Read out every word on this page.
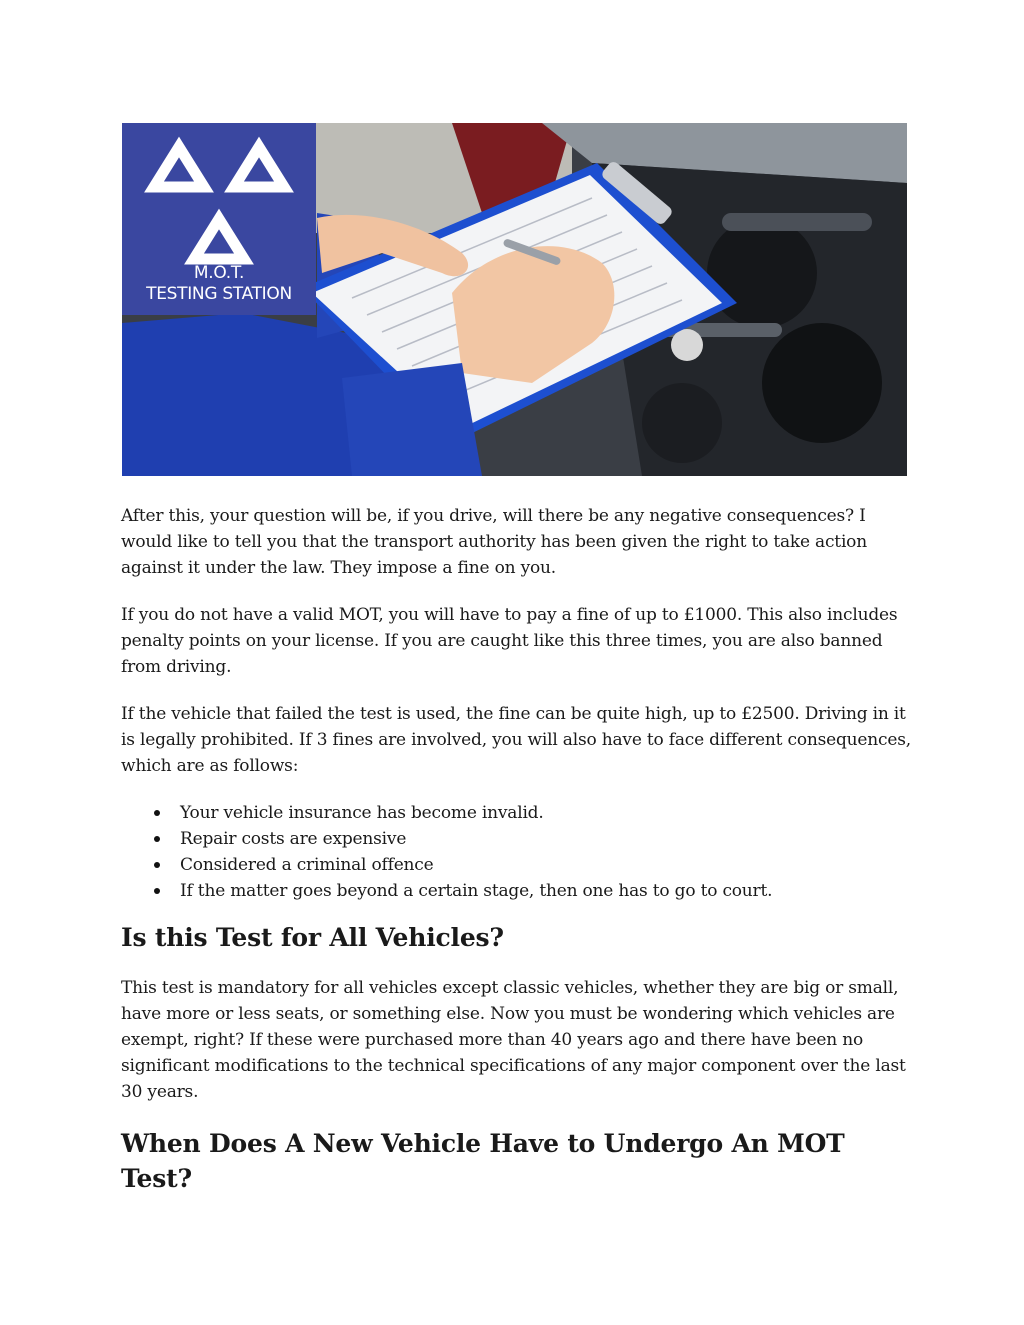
M.O.T.
TESTING STATION

After this, your question will be, if you drive, will there be any negative consequences? I would like to tell you that the transport authority has been given the right to take action against it under the law. They impose a fine on you.

If you do not have a valid MOT, you will have to pay a fine of up to £1000. This also includes penalty points on your license. If you are caught like this three times, you are also banned from driving.

If the vehicle that failed the test is used, the fine can be quite high, up to £2500. Driving in it is legally prohibited. If 3 fines are involved, you will also have to face different consequences, which are as follows:

Your vehicle insurance has become invalid.
Repair costs are expensive
Considered a criminal offence
If the matter goes beyond a certain stage, then one has to go to court.
Is this Test for All Vehicles?

This test is mandatory for all vehicles except classic vehicles, whether they are big or small, have more or less seats, or something else. Now you must be wondering which vehicles are exempt, right? If these were purchased more than 40 years ago and there have been no significant modifications to the technical specifications of any major component over the last 30 years.

When Does A New Vehicle Have to Undergo An MOT Test?
